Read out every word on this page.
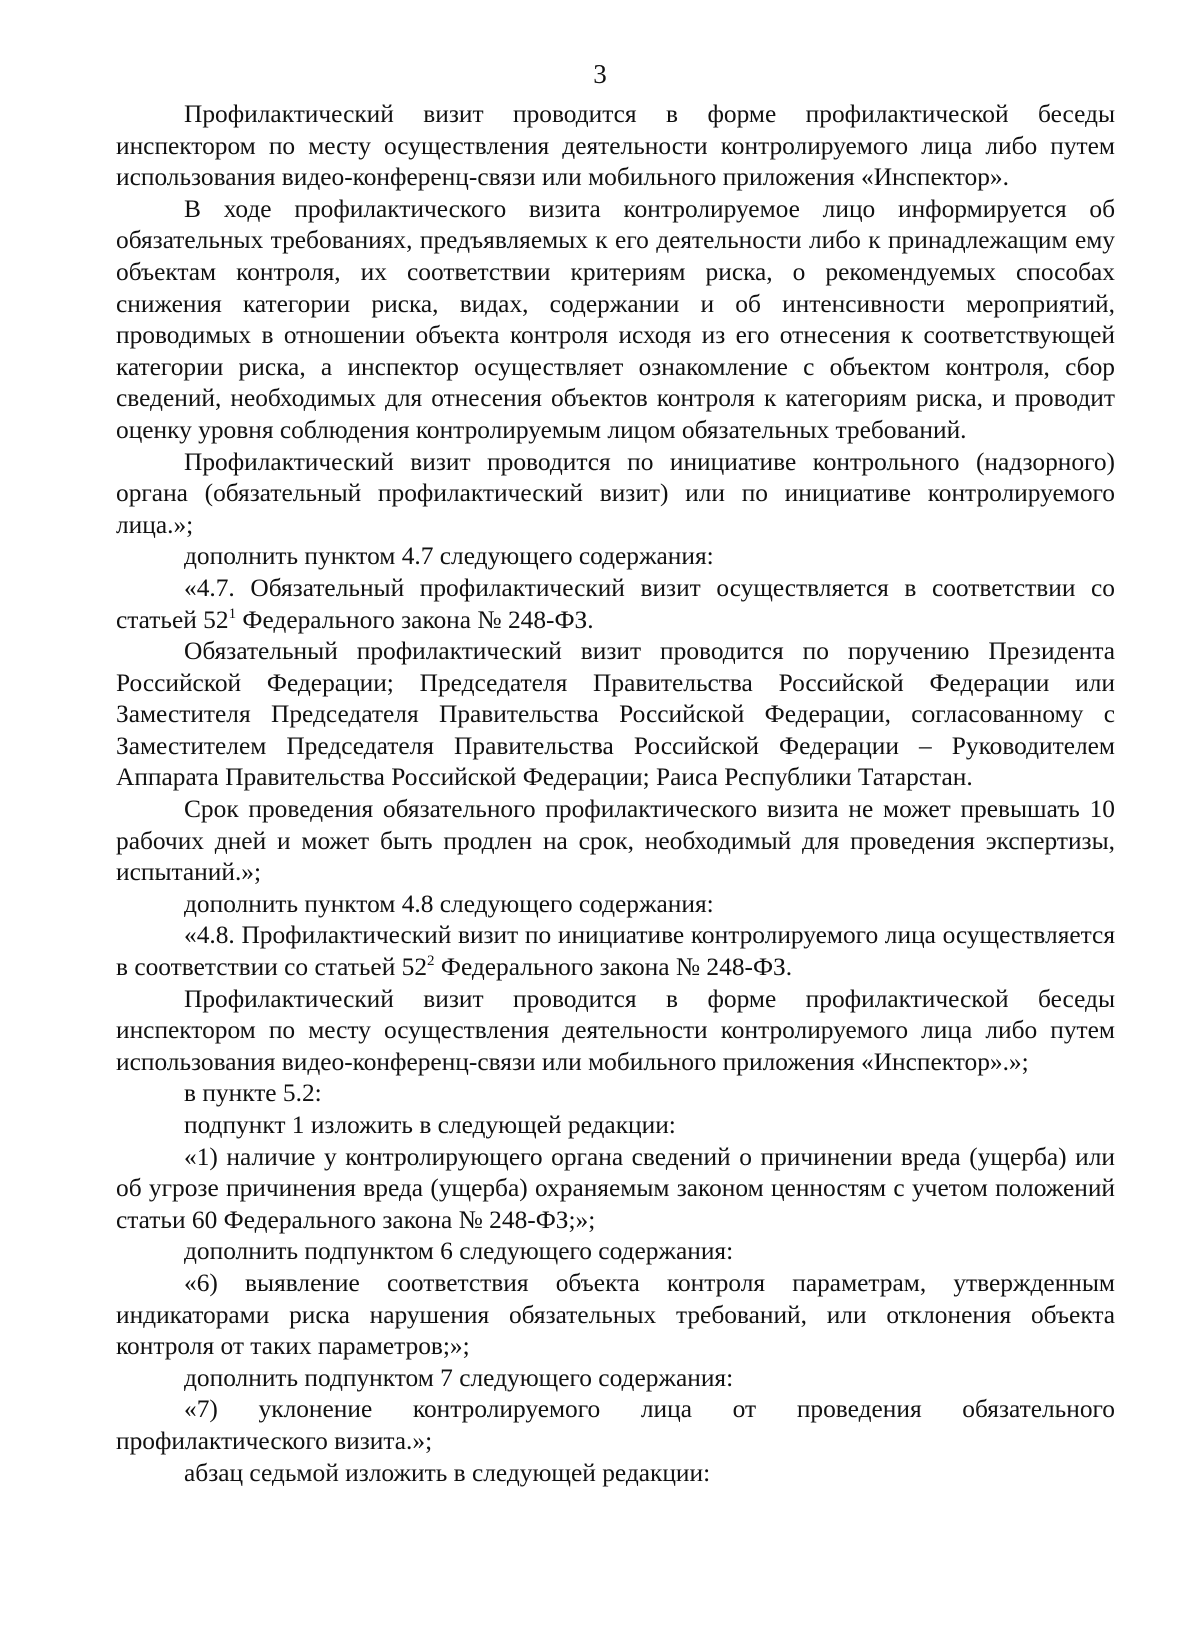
3

Профилактический визит проводится в форме профилактической беседы инспектором по месту осуществления деятельности контролируемого лица либо путем использования видео-конференц-связи или мобильного приложения «Инспектор».

В ходе профилактического визита контролируемое лицо информируется об обязательных требованиях, предъявляемых к его деятельности либо к принадлежащим ему объектам контроля, их соответствии критериям риска, о рекомендуемых способах снижения категории риска, видах, содержании и об интенсивности мероприятий, проводимых в отношении объекта контроля исходя из его отнесения к соответствующей категории риска, а инспектор осуществляет ознакомление с объектом контроля, сбор сведений, необходимых для отнесения объектов контроля к категориям риска, и проводит оценку уровня соблюдения контролируемым лицом обязательных требований.

Профилактический визит проводится по инициативе контрольного (надзорного) органа (обязательный профилактический визит) или по инициативе контролируемого лица.»;

дополнить пунктом 4.7 следующего содержания:

«4.7. Обязательный профилактический визит осуществляется в соответствии со статьей $52^1$ Федерального закона № 248-ФЗ.

Обязательный профилактический визит проводится по поручению Президента Российской Федерации; Председателя Правительства Российской Федерации или Заместителя Председателя Правительства Российской Федерации, согласованному с Заместителем Председателя Правительства Российской Федерации – Руководителем Аппарата Правительства Российской Федерации; Раиса Республики Татарстан.

Срок проведения обязательного профилактического визита не может превышать 10 рабочих дней и может быть продлен на срок, необходимый для проведения экспертизы, испытаний.»;

дополнить пунктом 4.8 следующего содержания:

«4.8. Профилактический визит по инициативе контролируемого лица осуществляется в соответствии со статьей $52^2$ Федерального закона № 248-ФЗ.

Профилактический визит проводится в форме профилактической беседы инспектором по месту осуществления деятельности контролируемого лица либо путем использования видео-конференц-связи или мобильного приложения «Инспектор».»;

в пункте 5.2:

подпункт 1 изложить в следующей редакции:

«1) наличие у контролирующего органа сведений о причинении вреда (ущерба) или об угрозе причинения вреда (ущерба) охраняемым законом ценностям с учетом положений статьи 60 Федерального закона № 248-ФЗ;»;

дополнить подпунктом 6 следующего содержания:

«6) выявление соответствия объекта контроля параметрам, утвержденным индикаторами риска нарушения обязательных требований, или отклонения объекта контроля от таких параметров;»;

дополнить подпунктом 7 следующего содержания:

«7) уклонение контролируемого лица от проведения обязательного профилактического визита.»;

абзац седьмой изложить в следующей редакции:
